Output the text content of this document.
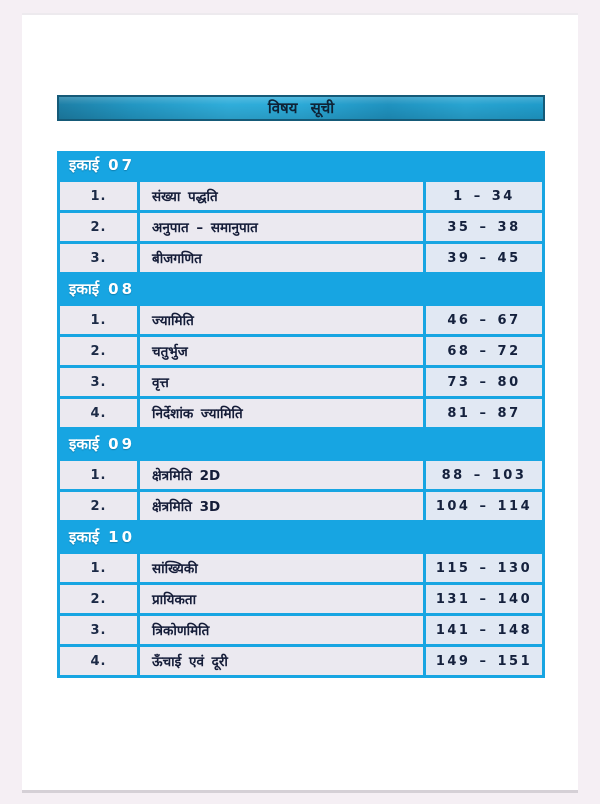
विषय सूची
इकाई 07
1.	संख्या पद्धति	1 – 34
2.	अनुपात – समानुपात	35 – 38
3.	बीजगणित	39 – 45
इकाई 08
1.	ज्यामिति	46 – 67
2.	चतुर्भुज	68 – 72
3.	वृत्त	73 – 80
4.	निर्देशांक ज्यामिति	81 – 87
इकाई 09
1.	क्षेत्रमिति 2D	88 – 103
2.	क्षेत्रमिति 3D	104 – 114
इकाई 10
1.	सांख्यिकी	115 – 130
2.	प्रायिकता	131 – 140
3.	त्रिकोणमिति	141 – 148
4.	ऊँचाई एवं दूरी	149 – 151
